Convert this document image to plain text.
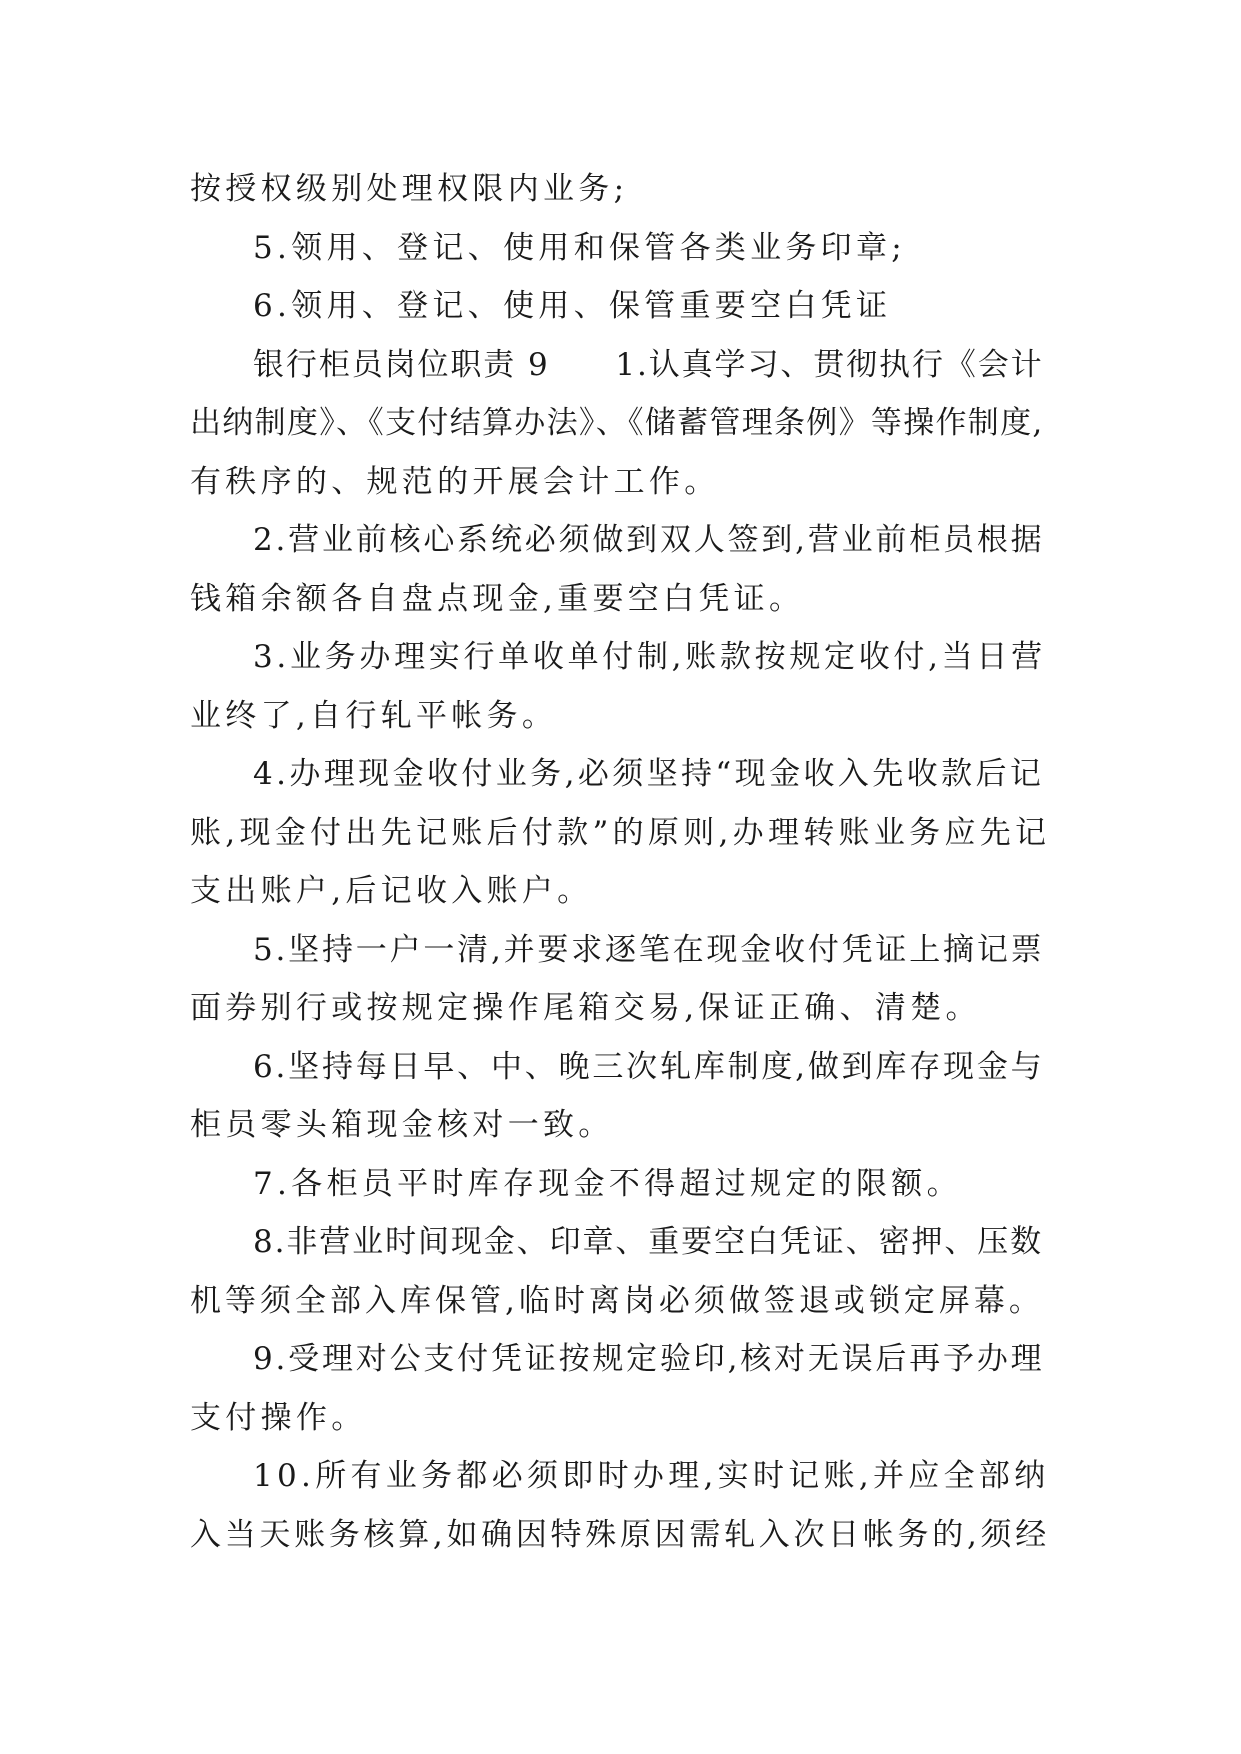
按授权级别处理权限内业务;
5.领用、登记、使用和保管各类业务印章;
6.领用、登记、使用、保管重要空白凭证
银行柜员岗位职责 9　　1.认真学习、贯彻执行《会计
出纳制度》、《支付结算办法》、《储蓄管理条例》等操作制度,
有秩序的、规范的开展会计工作。
2.营业前核心系统必须做到双人签到,营业前柜员根据
钱箱余额各自盘点现金,重要空白凭证。
3.业务办理实行单收单付制,账款按规定收付,当日营
业终了,自行轧平帐务。
4.办理现金收付业务,必须坚持“现金收入先收款后记
账,现金付出先记账后付款”的原则,办理转账业务应先记
支出账户,后记收入账户。
5.坚持一户一清,并要求逐笔在现金收付凭证上摘记票
面券别行或按规定操作尾箱交易,保证正确、清楚。
6.坚持每日早、中、晚三次轧库制度,做到库存现金与
柜员零头箱现金核对一致。
7.各柜员平时库存现金不得超过规定的限额。
8.非营业时间现金、印章、重要空白凭证、密押、压数
机等须全部入库保管,临时离岗必须做签退或锁定屏幕。
9.受理对公支付凭证按规定验印,核对无误后再予办理
支付操作。
10.所有业务都必须即时办理,实时记账,并应全部纳
入当天账务核算,如确因特殊原因需轧入次日帐务的,须经
